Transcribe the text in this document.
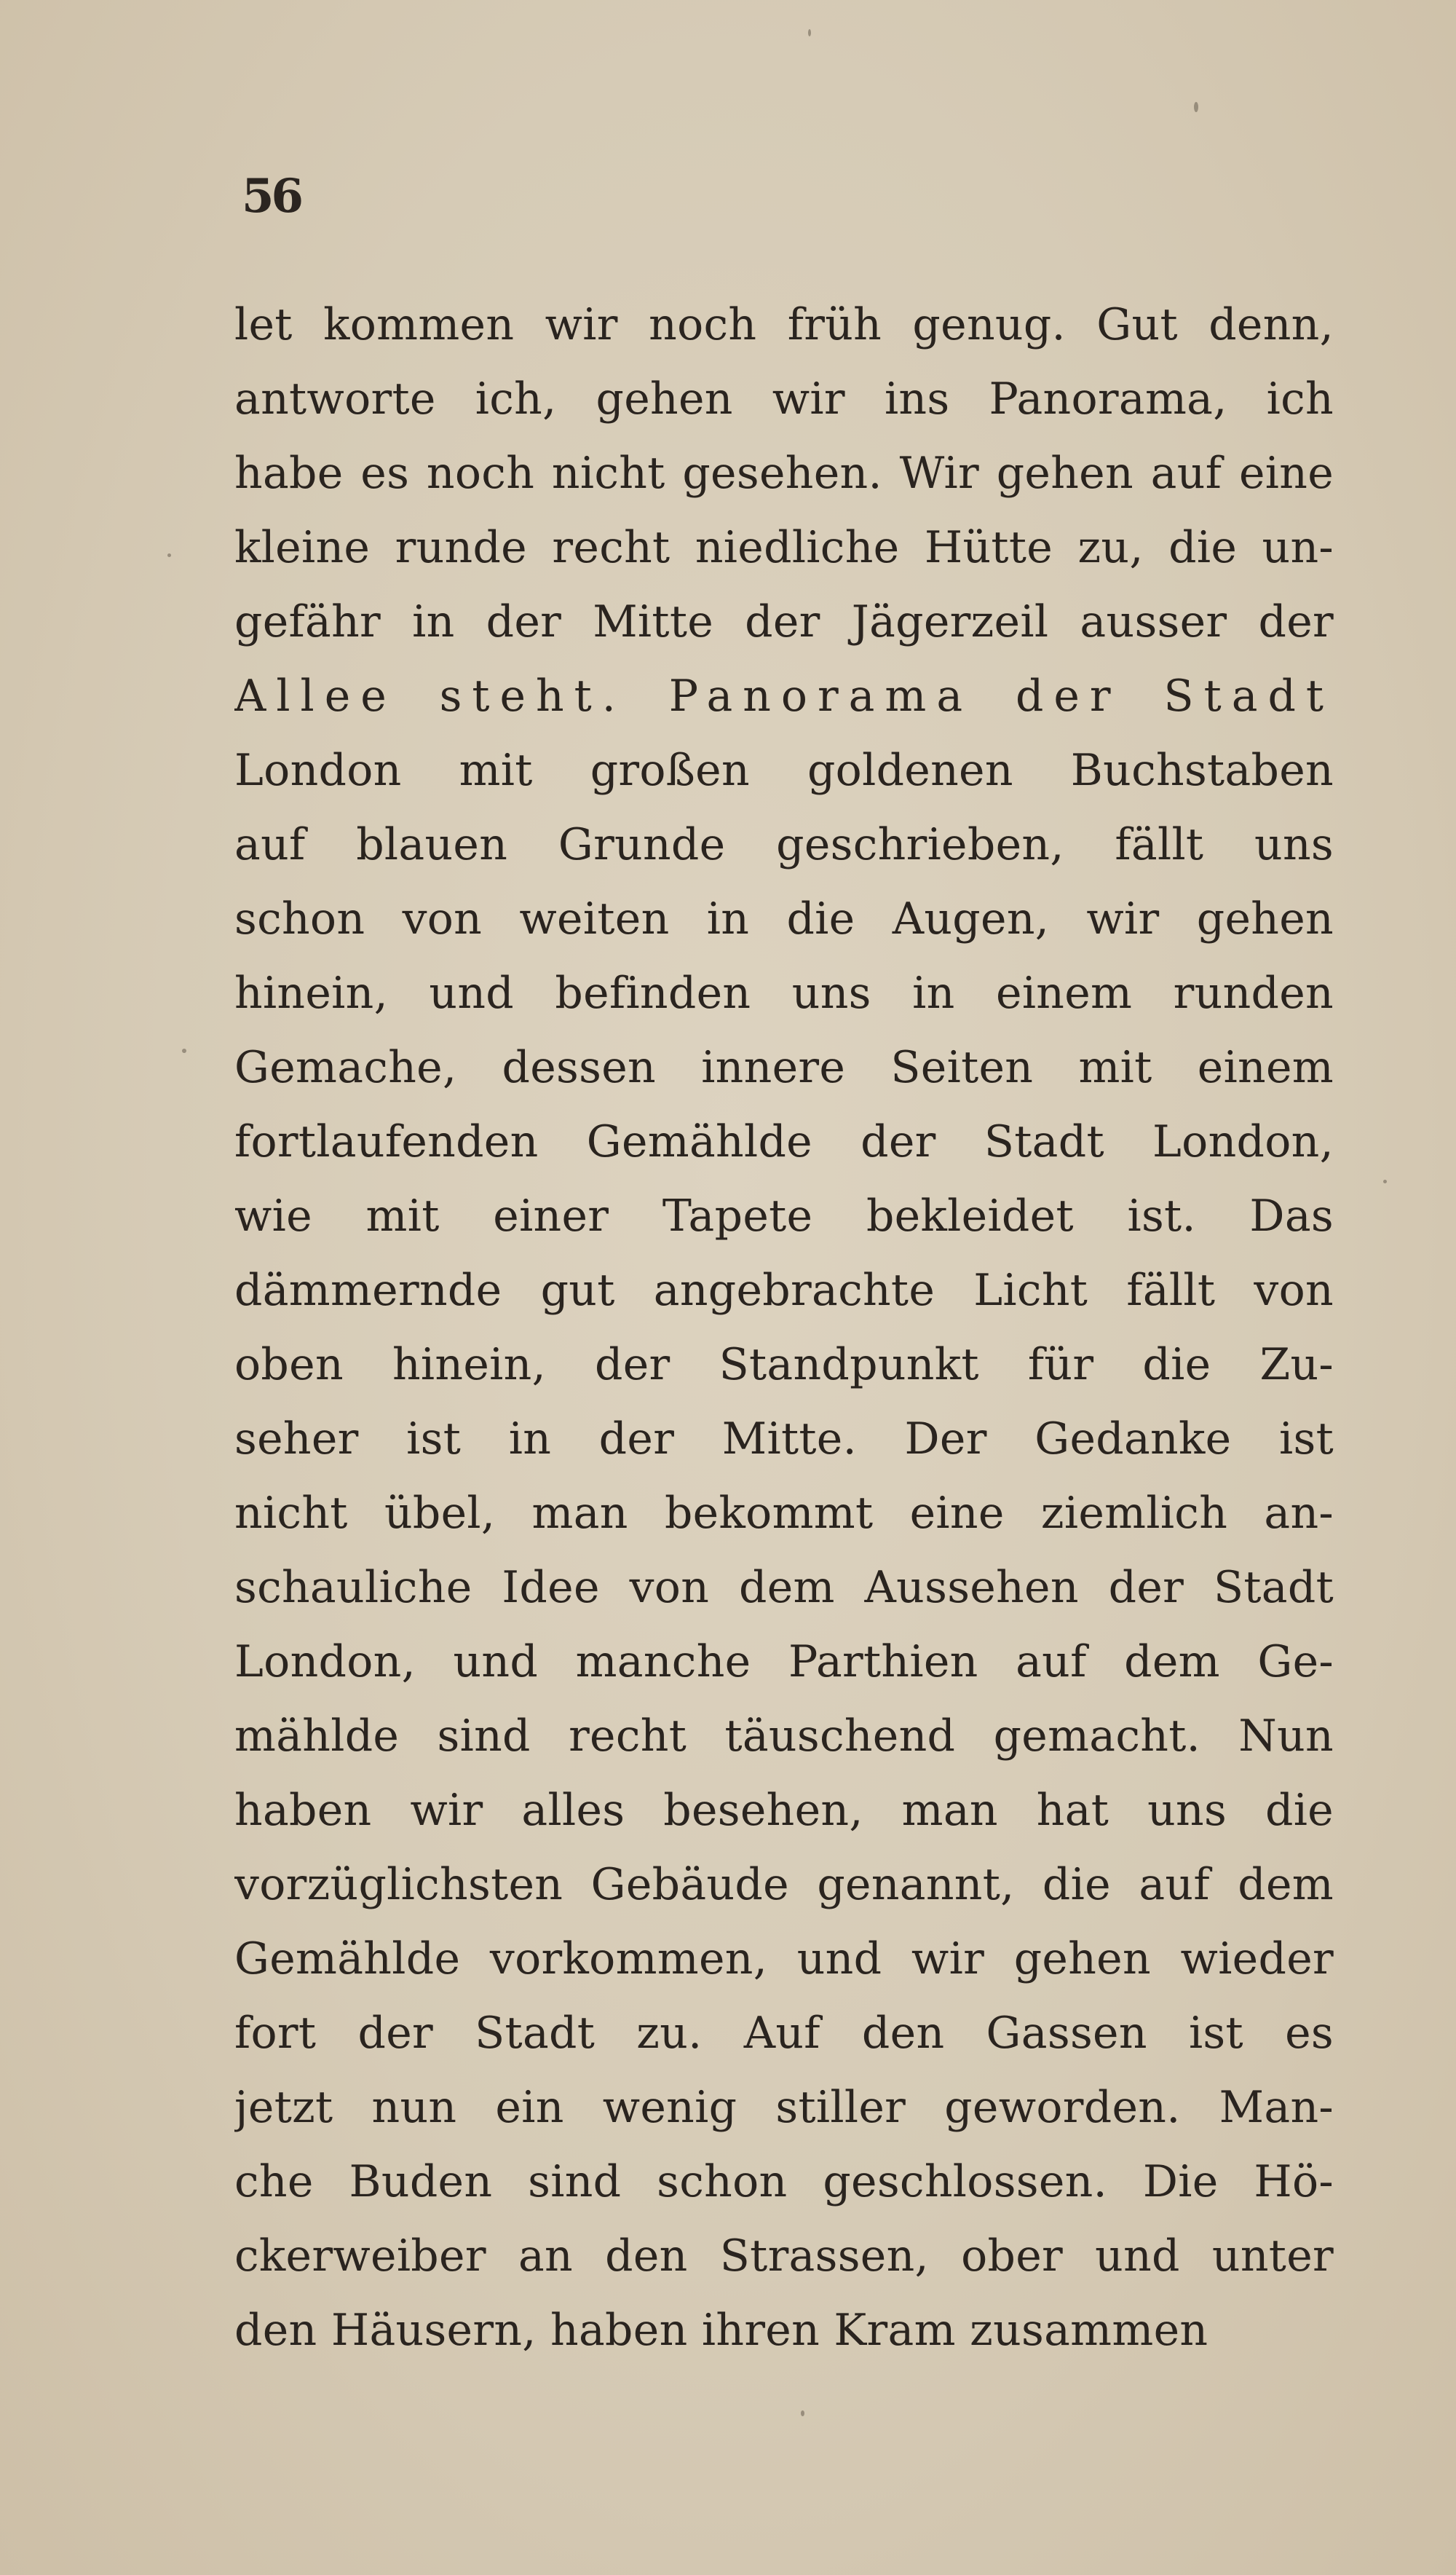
56
let kommen wir noch früh genug. Gut denn,
antworte ich, gehen wir ins Panorama, ich
habe es noch nicht gesehen. Wir gehen auf eine
kleine runde recht niedliche Hütte zu, die un-
gefähr in der Mitte der Jägerzeil ausser der
Allee steht. Panorama der Stadt
London mit großen goldenen Buchstaben
auf blauen Grunde geschrieben, fällt uns
schon von weiten in die Augen, wir gehen
hinein, und befinden uns in einem runden
Gemache, dessen innere Seiten mit einem
fortlaufenden Gemählde der Stadt London,
wie mit einer Tapete bekleidet ist. Das
dämmernde gut angebrachte Licht fällt von
oben hinein, der Standpunkt für die Zu-
seher ist in der Mitte. Der Gedanke ist
nicht übel, man bekommt eine ziemlich an-
schauliche Idee von dem Aussehen der Stadt
London, und manche Parthien auf dem Ge-
mählde sind recht täuschend gemacht. Nun
haben wir alles besehen, man hat uns die
vorzüglichsten Gebäude genannt, die auf dem
Gemählde vorkommen, und wir gehen wieder
fort der Stadt zu. Auf den Gassen ist es
jetzt nun ein wenig stiller geworden. Man-
che Buden sind schon geschlossen. Die Hö-
ckerweiber an den Strassen, ober und unter
den Häusern, haben ihren Kram zusammen
